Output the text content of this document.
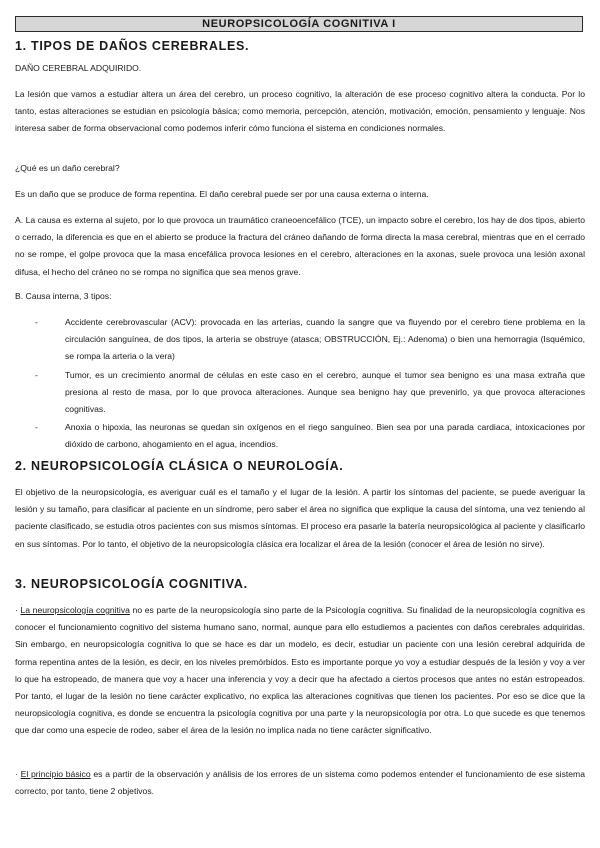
NEUROPSICOLOGÍA COGNITIVA I
1. TIPOS DE DAÑOS CEREBRALES.

DAÑO CEREBRAL ADQUIRIDO.

La lesión que vamos a estudiar altera un área del cerebro, un proceso cognitivo, la alteración de ese proceso cognitivo altera la conducta. Por lo tanto, estas alteraciones se estudian en psicología básica; como memoria, percepción, atención, motivación, emoción, pensamiento y lenguaje. Nos interesa saber de forma observacional como podemos inferir cómo funciona el sistema en condiciones normales.

¿Qué es un daño cerebral?

Es un daño que se produce de forma repentina. El daño cerebral puede ser por una causa externa o interna.

A. La causa es externa al sujeto, por lo que provoca un traumático craneoencefálico (TCE), un impacto sobre el cerebro, los hay de dos tipos, abierto o cerrado, la diferencia es que en el abierto se produce la fractura del cráneo dañando de forma directa la masa cerebral, mientras que en el cerrado no se rompe, el golpe provoca que la masa encefálica provoca lesiones en el cerebro, alteraciones en la axonas, suele provoca una lesión axonal difusa, el hecho del cráneo no se rompa no significa que sea menos grave.

B. Causa interna, 3 tipos:

-	Accidente cerebrovascular (ACV): provocada en las arterias, cuando la sangre que va fluyendo por el cerebro tiene problema en la circulación sanguínea, de dos tipos, la arteria se obstruye (atasca; OBSTRUCCIÓN, Ej.: Adenoma) o bien una hemorragia (Isquémico, se rompa la arteria o la vera)
-	Tumor, es un crecimiento anormal de células en este caso en el cerebro, aunque el tumor sea benigno es una masa extraña que presiona al resto de masa, por lo que provoca alteraciones. Aunque sea benigno hay que prevenirlo, ya que provoca alteraciones cognitivas.
-	Anoxia o hipoxia, las neuronas se quedan sin oxígenos en el riego sanguíneo. Bien sea por una parada cardiaca, intoxicaciones por dióxido de carbono, ahogamiento en el agua, incendios.
2. NEUROPSICOLOGÍA CLÁSICA O NEUROLOGÍA.

El objetivo de la neuropsicología, es averiguar cuál es el tamaño y el lugar de la lesión. A partir los síntomas del paciente, se puede averiguar la lesión y su tamaño, para clasificar al paciente en un síndrome, pero saber el área no significa que explique la causa del síntoma, una vez teniendo al paciente clasificado, se estudia otros pacientes con sus mismos síntomas. El proceso era pasarle la batería neuropsicológica al paciente y clasificarlo en sus síntomas. Por lo tanto, el objetivo de la neuropsicología clásica era localizar el área de la lesión (conocer el área de lesión no sirve).

3. NEUROPSICOLOGÍA COGNITIVA.

· La neuropsicología cognitiva no es parte de la neuropsicología sino parte de la Psicología cognitiva. Su finalidad de la neuropsicología cognitiva es conocer el funcionamiento cognitivo del sistema humano sano, normal, aunque para ello estudiemos a pacientes con daños cerebrales adquiridas. Sin embargo, en neuropsicología cognitiva lo que se hace es dar un modelo, es decir, estudiar un paciente con una lesión cerebral adquirida de forma repentina antes de la lesión, es decir, en los niveles premórbidos. Esto es importante porque yo voy a estudiar después de la lesión y voy a ver lo que ha estropeado, de manera que voy a hacer una inferencia y voy a decir que ha afectado a ciertos procesos que antes no están estropeados. Por tanto, el lugar de la lesión no tiene carácter explicativo, no explica las alteraciones cognitivas que tienen los pacientes. Por eso se dice que la neuropsicología cognitiva, es donde se encuentra la psicología cognitiva por una parte y la neuropsicología por otra. Lo que sucede es que tenemos que dar como una especie de rodeo, saber el área de la lesión no implica nada no tiene carácter significativo.

· El principio básico es a partir de la observación y análisis de los errores de un sistema como podemos entender el funcionamiento de ese sistema correcto, por tanto, tiene 2 objetivos.
